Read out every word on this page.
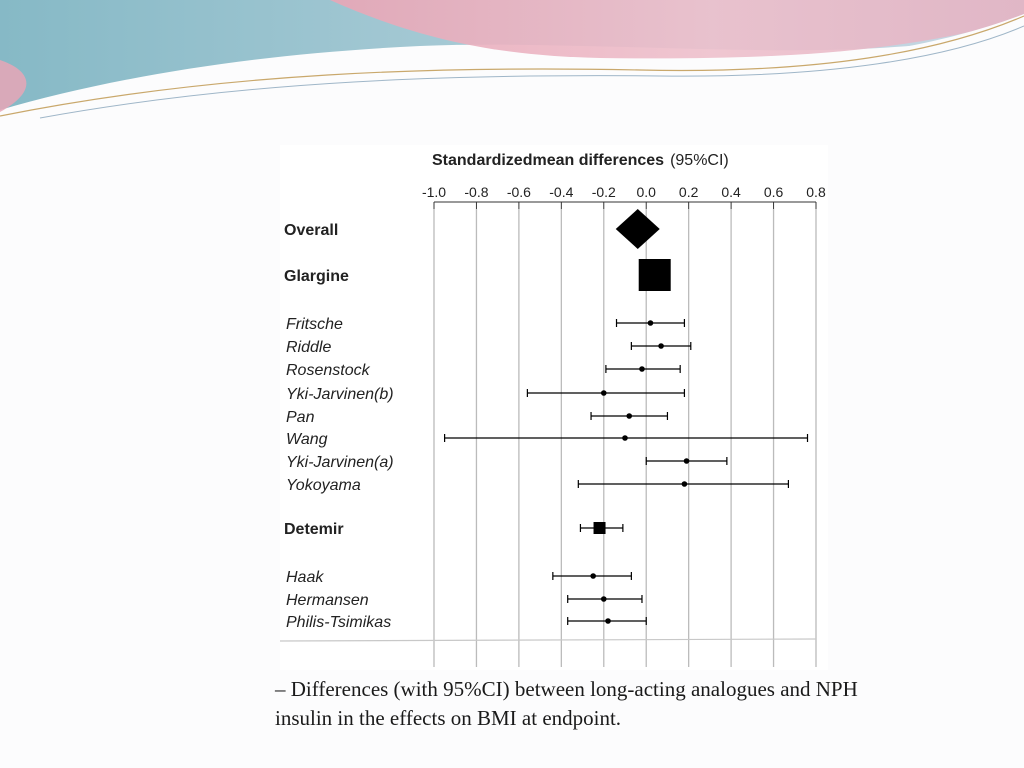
Standardizedmean differences (95%CI)
-1.0 -0.8 -0.6 -0.4 -0.2 0.0 0.2 0.4 0.6 0.8
Overall
Glargine
Fritsche
Riddle
Rosenstock
Yki-Jarvinen(b)
Pan
Wang
Yki-Jarvinen(a)
Yokoyama
Detemir
Haak
Hermansen
Philis-Tsimikas
– Differences (with 95%CI) between long-acting analogues and NPH insulin in the effects on BMI at endpoint.
